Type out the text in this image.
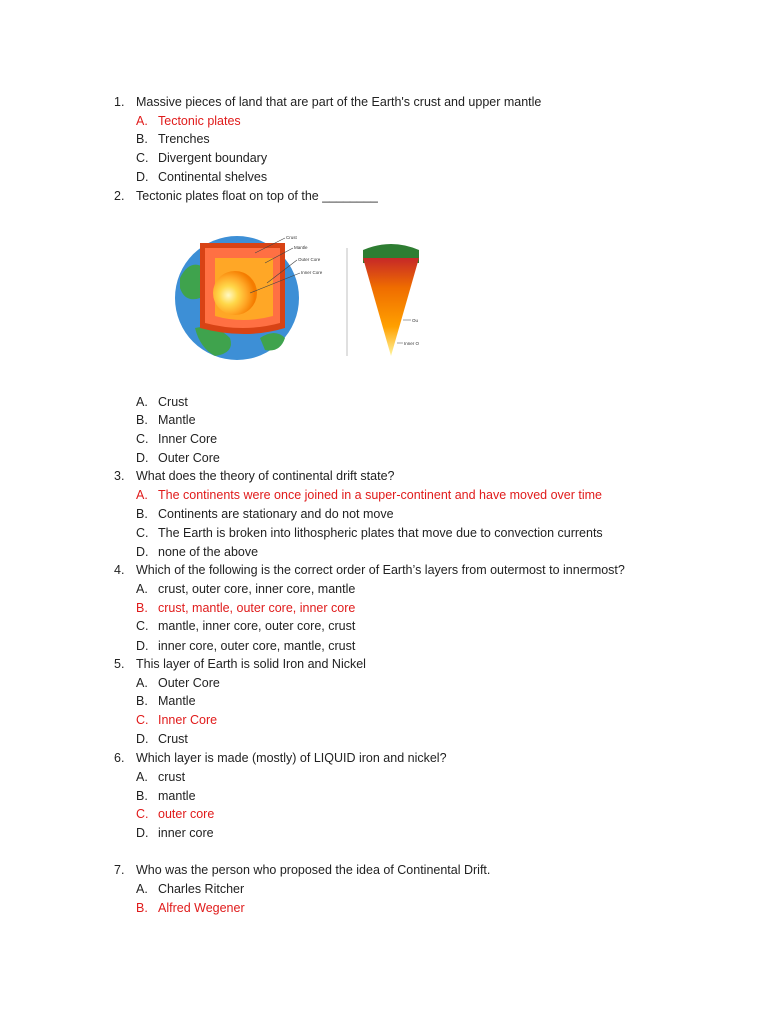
1. Massive pieces of land that are part of the Earth's crust and upper mantle
A. Tectonic plates
B. Trenches
C. Divergent boundary
D. Continental shelves
2. Tectonic plates float on top of the ________
A. Crust
B. Mantle
C. Inner Core
D. Outer Core
3. What does the theory of continental drift state?
A. The continents were once joined in a super-continent and have moved over time
B. Continents are stationary and do not move
C. The Earth is broken into lithospheric plates that move due to convection currents
D. none of the above
4. Which of the following is the correct order of Earth’s layers from outermost to innermost?
A. crust, outer core, inner core, mantle
B. crust, mantle, outer core, inner core
C. mantle, inner core, outer core, crust
D. inner core, outer core, mantle, crust
5. This layer of Earth is solid Iron and Nickel
A. Outer Core
B. Mantle
C. Inner Core
D. Crust
6. Which layer is made (mostly) of LIQUID iron and nickel?
A. crust
B. mantle
C. outer core
D. inner core
7. Who was the person who proposed the idea of Continental Drift.
A. Charles Ritcher
B. Alfred Wegener
Crust
Mantle
Outer Core
Inner Core
Ou
Inner O
